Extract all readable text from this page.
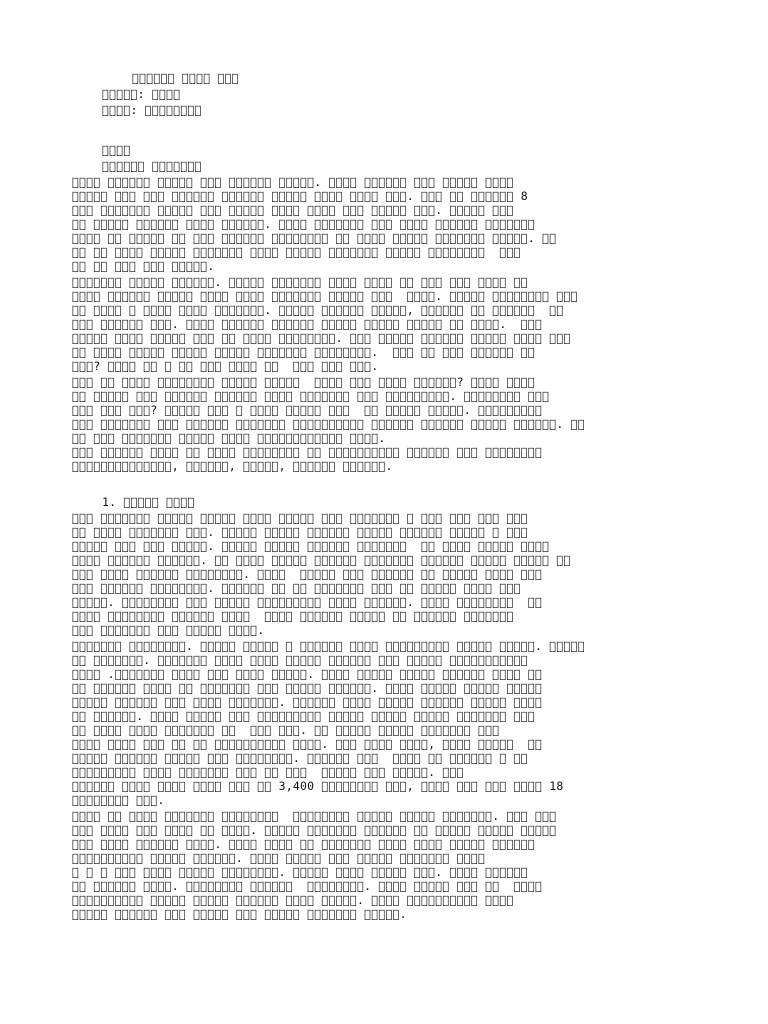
               
     :     
    :         
    
              
                                  .                           
                                               .               8
                                                   .          
                           .                                     
                                                                .   
                                                               
                   .
                    .                                           
                                                   .                   
                           .                   ,                     
              .                                             .     
                                     .                                
                                          .                      
   ?                                      .
                                                      ?          
                                                     .             
           ?                                           .          
                                                                    .   
                                           .
                                                                  
              ,       ,      ,              .
1.           
                                                                
                   .                                            
                   .                                               
                  .                                                   
                        .                                         
                   .                                           
     .                                         .                  
                                                              
                          .
                .                                                .      
          .                                                     
     .                           .                                
                                          .                       
                             .                                    
         .                                                       
                                .                           
                                   .              ,               
                               .                                
                                                  .    
                             3,400             ,                   18
            .
                                                           .        
                         .                                          
                    .                                            
                       .                                  
                             .                     .            
              .                          .                        
                                        .                     
                                              .
